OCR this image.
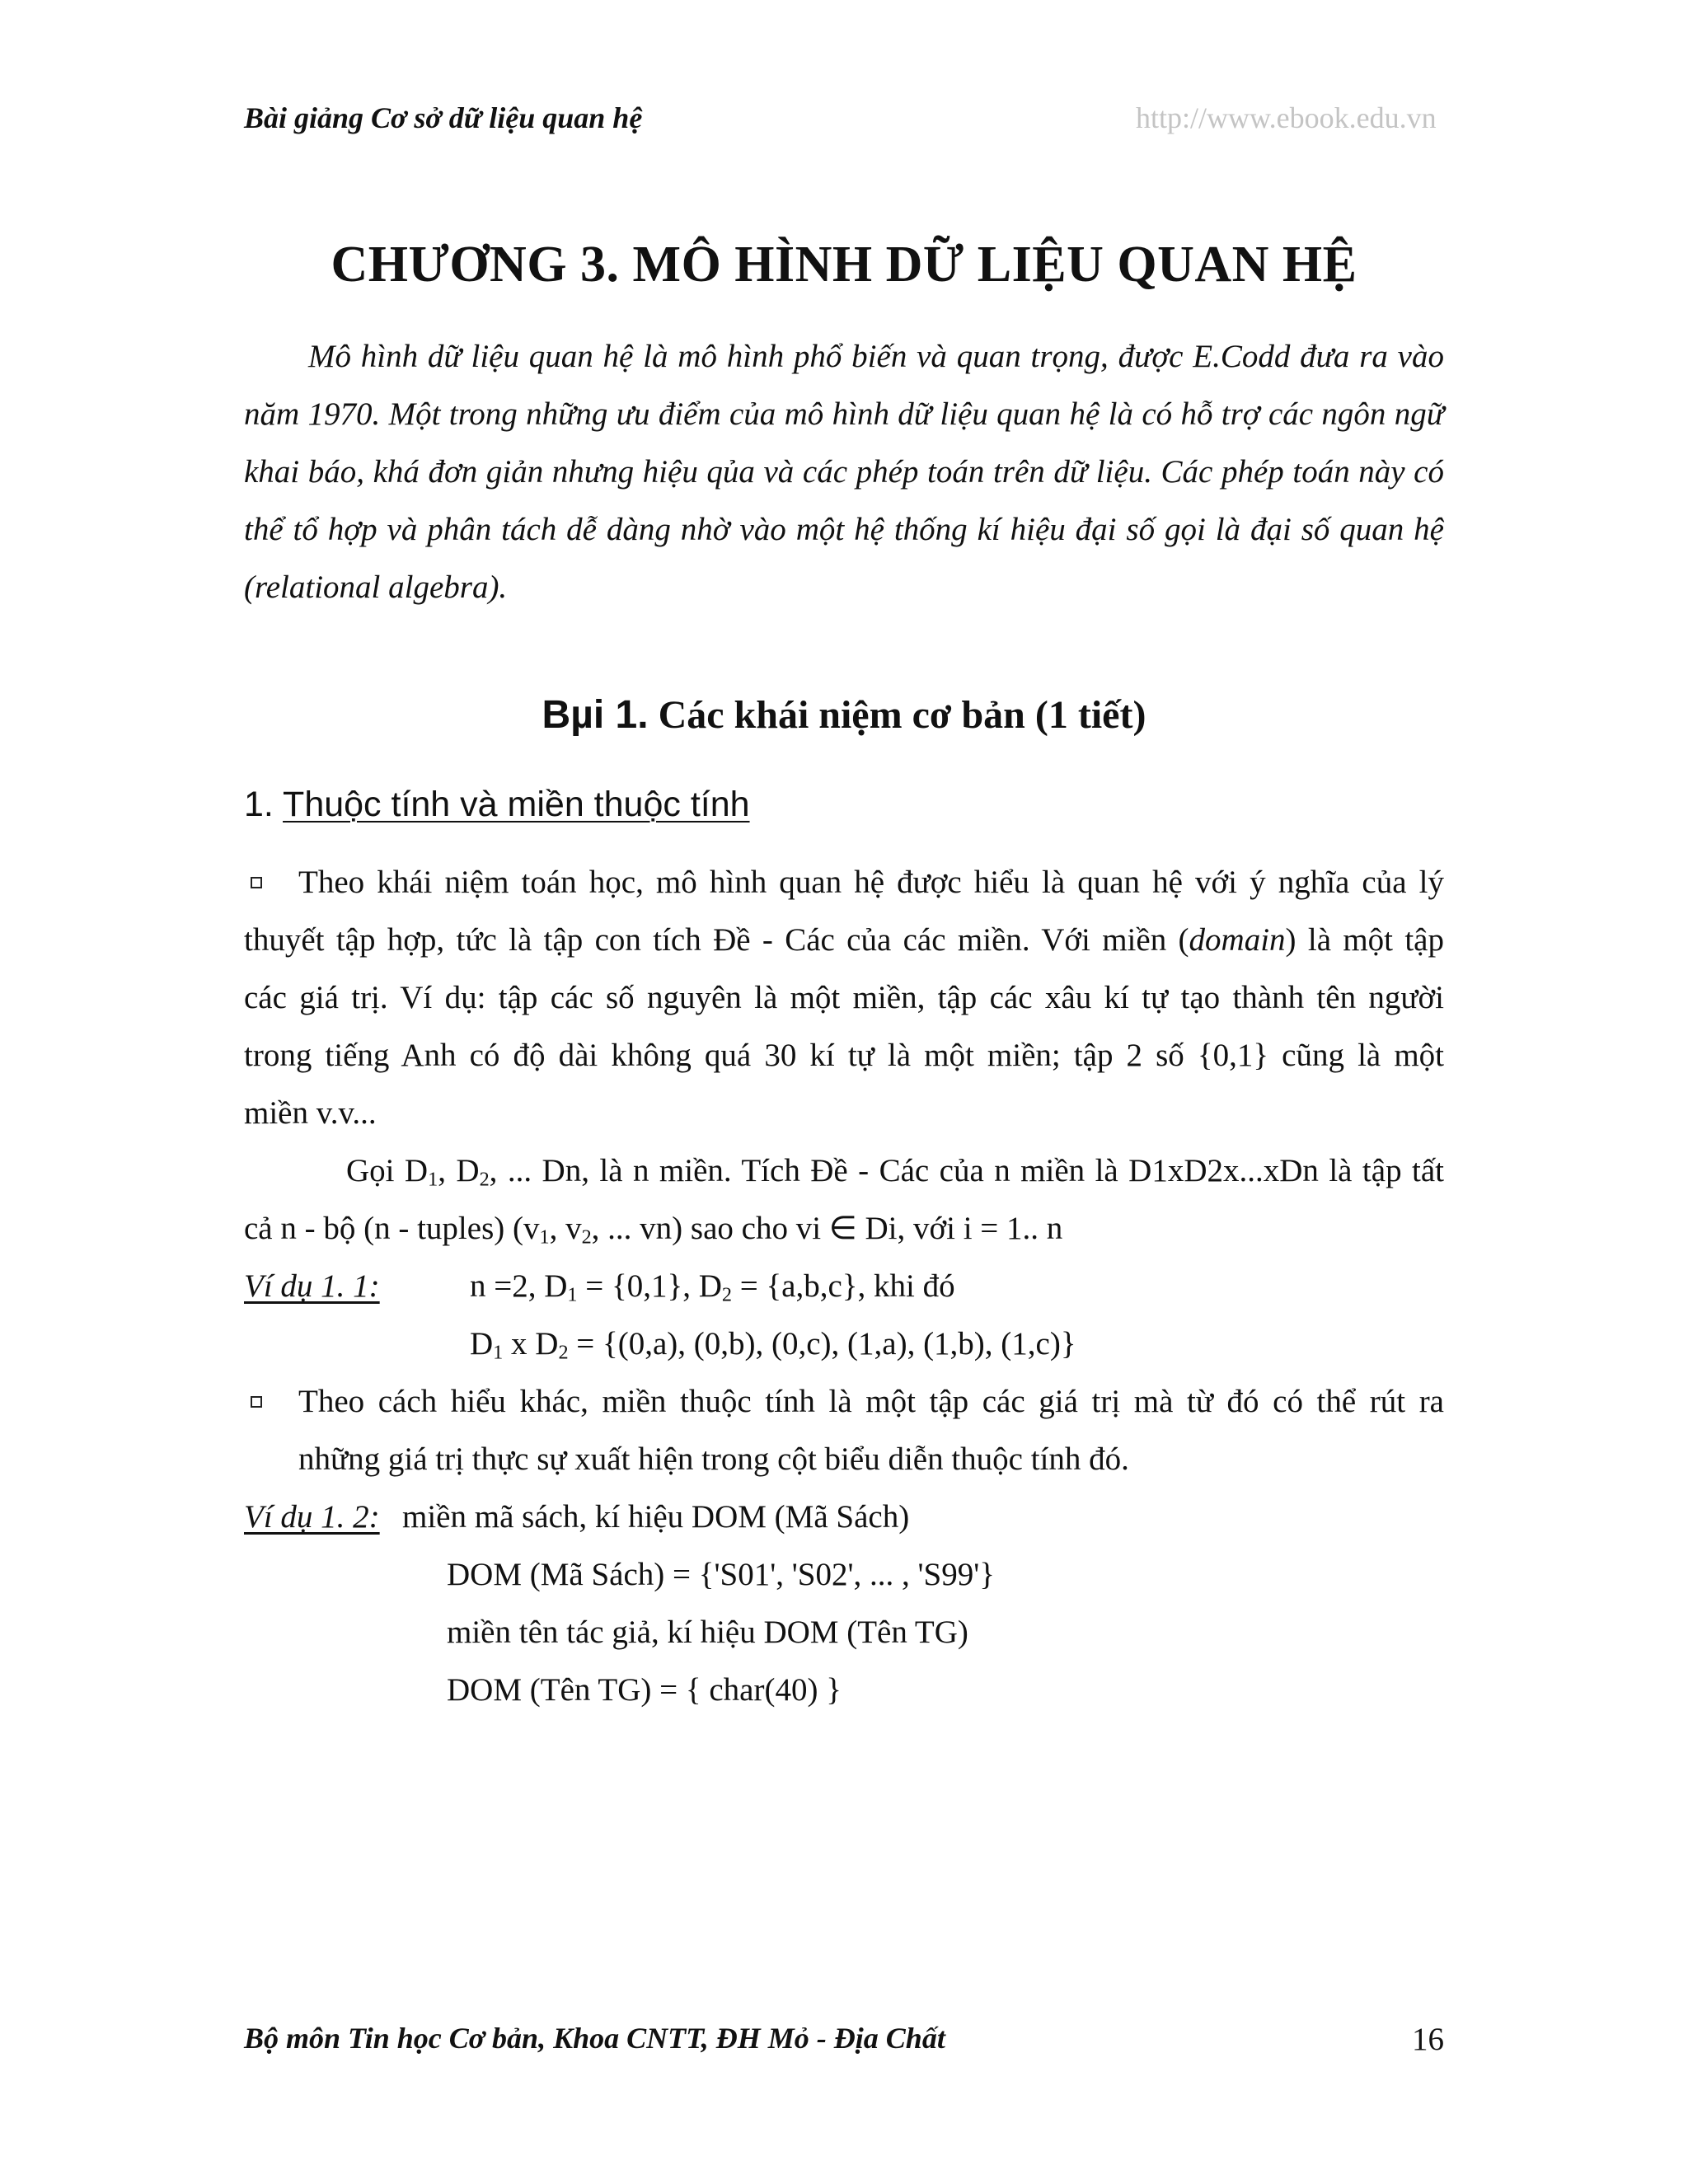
Bài giảng Cơ sở dữ liệu quan hệ	http://www.ebook.edu.vn
CHƯƠNG 3. MÔ HÌNH DỮ LIỆU QUAN HỆ

Mô hình dữ liệu quan hệ là mô hình phổ biến và quan trọng, được E.Codd đưa ra vào năm 1970. Một trong những ưu điểm của mô hình dữ liệu quan hệ là có hỗ trợ các ngôn ngữ khai báo, khá đơn giản nhưng hiệu qủa và các phép toán trên dữ liệu. Các phép toán này có thể tổ hợp và phân tách dễ dàng nhờ vào một hệ thống kí hiệu đại số gọi là đại số quan hệ (relational algebra).

Bµi 1. Các khái niệm cơ bản (1 tiết)
1. Thuộc tính và miền thuộc tính
Theo khái niệm toán học, mô hình quan hệ được hiểu là quan hệ với ý nghĩa của lý
thuyết tập hợp, tức là tập con tích Đề - Các của các miền. Với miền (domain) là một tập
các giá trị. Ví dụ: tập các số nguyên là một miền, tập các xâu kí tự tạo thành tên người
trong tiếng Anh có độ dài không quá 30 kí tự là một miền; tập 2 số {0,1} cũng là một
miền v.v...
Gọi $D_1$, $D_2$, ... Dn, là n miền. Tích Đề - Các của n miền là D1xD2x...xDn là tập tất
cả n - bộ (n - tuples) ($v_1$, $v_2$, ... vn) sao cho vi ∈ Di, với i = 1.. n
Ví dụ 1. 1:	n =2, $D_1 = \{0,1\}$, $D_2 = \{a,b,c\}$, khi đó
$D_1$ x $D_2 = \{(0,a)$, (0,b), (0,c), (1,a), (1,b), (1,c)}
Theo cách hiểu khác, miền thuộc tính là một tập các giá trị mà từ đó có thể rút ra
những giá trị thực sự xuất hiện trong cột biểu diễn thuộc tính đó.
Ví dụ 1. 2: miền mã sách, kí hiệu DOM (Mã Sách)
DOM (Mã Sách) = {'S01', 'S02', ... , 'S99'}
miền tên tác giả, kí hiệu DOM (Tên TG)
DOM (Tên TG) = { char(40) }
Bộ môn Tin học Cơ bản, Khoa CNTT, ĐH Mỏ - Địa Chất	16
